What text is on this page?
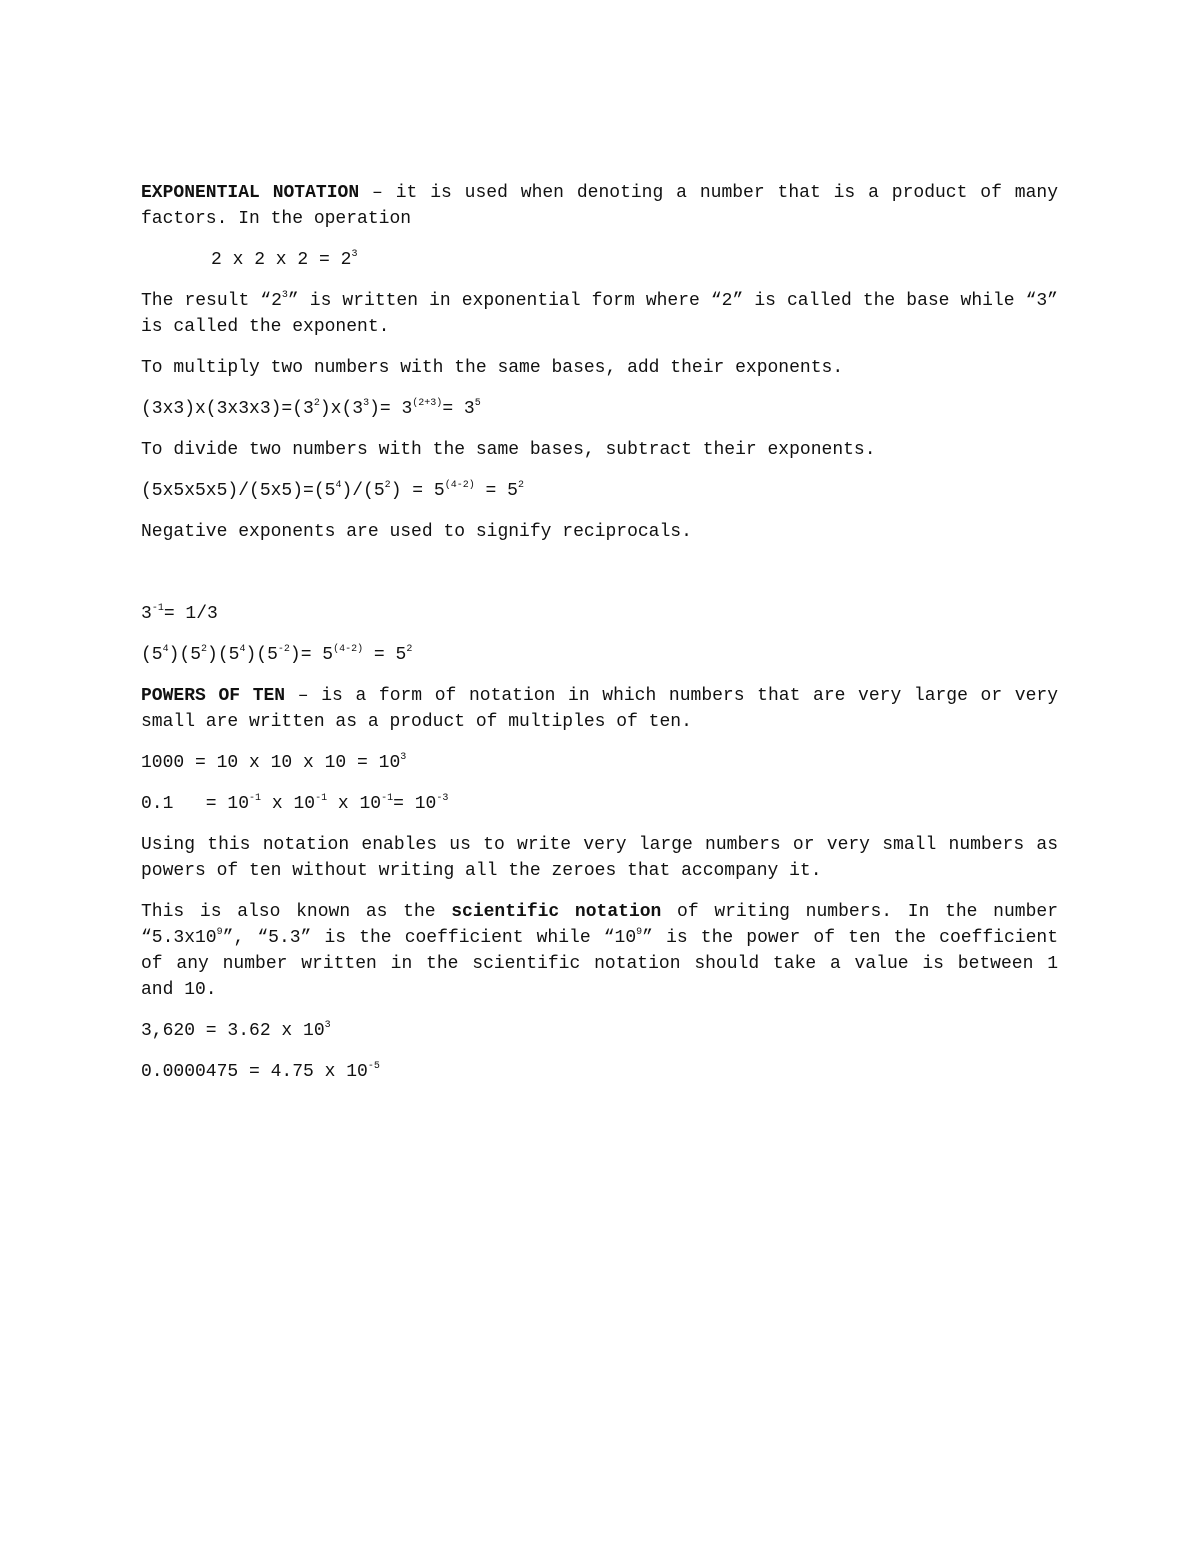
EXPONENTIAL NOTATION – it is used when denoting a number that is a product of many factors. In the operation

2 x 2 x $2 = 2^3$

The result “$2^3$” is written in exponential form where “2” is called the base while “3” is called the exponent.

To multiply two numbers with the same bases, add their exponents.

$(3x3)x(3x3x3)=(3^2)x(3^3)= 3^{(2+3)}= 3^5$

To divide two numbers with the same bases, subtract their exponents.

$(5x5x5x5)/(5x5)=(5^4)/(5^2) = 5^{(4-2)} = 5^2$

Negative exponents are used to signify reciprocals.

$3^{-1}= 1/3$

$(5^4)(5^2)(5^4)(5^{-2})= 5^{(4-2)} = 5^2$

POWERS OF TEN – is a form of notation in which numbers that are very large or very small are written as a product of multiples of ten.

1000 = 10 x 10 x $10 = 10^3$

$0.1 = 10^{-1}$ x $10^{-1}$ x $10^{-1}= 10^{-3}$

Using this notation enables us to write very large numbers or very small numbers as powers of ten without writing all the zeroes that accompany it.

This is also known as the scientific notation of writing numbers. In the number “$5.3x10^9$”, “5.3” is the coefficient while “$10^9$” is the power of ten the coefficient of any number written in the scientific notation should take a value is between 1 and 10.

3,620 = 3.62 x $10^3$

0.0000475 = 4.75 x $10^{-5}$
